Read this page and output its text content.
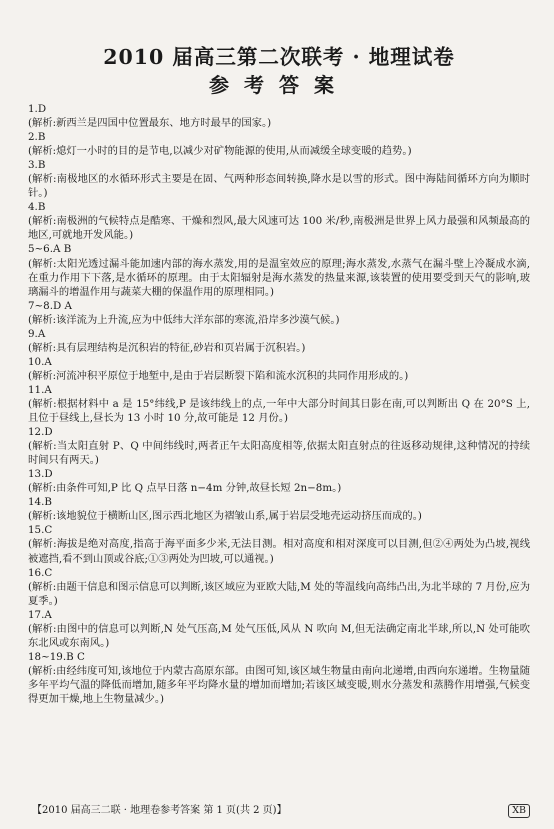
2010 届高三第二次联考 · 地理试卷
参考答案

1.D

(解析:新西兰是四国中位置最东、地方时最早的国家。)

2.B

(解析:熄灯一小时的目的是节电,以减少对矿物能源的使用,从而减缓全球变暖的趋势。)

3.B

(解析:南极地区的水循环形式主要是在固、气两种形态间转换,降水是以雪的形式。图中海陆间循环方向为顺时针。)

4.B

(解析:南极洲的气候特点是酷寒、干燥和烈风,最大风速可达 100 米/秒,南极洲是世界上风力最强和风频最高的地区,可就地开发风能。)

5~6.A B

(解析:太阳光透过漏斗能加速内部的海水蒸发,用的是温室效应的原理;海水蒸发,水蒸气在漏斗壁上冷凝成水滴,在重力作用下下落,是水循环的原理。由于太阳辐射是海水蒸发的热量来源,该装置的使用要受到天气的影响,玻璃漏斗的增温作用与蔬菜大棚的保温作用的原理相同。)

7~8.D A

(解析:该洋流为上升流,应为中低纬大洋东部的寒流,沿岸多沙漠气候。)

9.A

(解析:具有层理结构是沉积岩的特征,砂岩和页岩属于沉积岩。)

10.A

(解析:河流冲积平原位于地堑中,是由于岩层断裂下陷和流水沉积的共同作用形成的。)

11.A

(解析:根据材料中 a 是 15°纬线,P 是该纬线上的点,一年中大部分时间其日影在南,可以判断出 Q 在 20°S 上,且位于昼线上,昼长为 13 小时 10 分,故可能是 12 月份。)

12.D

(解析:当太阳直射 P、Q 中间纬线时,两者正午太阳高度相等,依据太阳直射点的往返移动规律,这种情况的持续时间只有两天。)

13.D

(解析:由条件可知,P 比 Q 点早日落 n−4m 分钟,故昼长短 2n−8m。)

14.B

(解析:该地貌位于横断山区,图示西北地区为褶皱山系,属于岩层受地壳运动挤压而成的。)

15.C

(解析:海拔是绝对高度,指高于海平面多少米,无法目测。相对高度和相对深度可以目测,但②④两处为凸坡,视线被遮挡,看不到山顶或谷底;①③两处为凹坡,可以通视。)

16.C

(解析:由题干信息和图示信息可以判断,该区域应为亚欧大陆,M 处的等温线向高纬凸出,为北半球的 7 月份,应为夏季。)

17.A

(解析:由图中的信息可以判断,N 处气压高,M 处气压低,风从 N 吹向 M,但无法确定南北半球,所以,N 处可能吹东北风或东南风。)

18~19.B C

(解析:由经纬度可知,该地位于内蒙古高原东部。由图可知,该区域生物量由南向北递增,由西向东递增。生物量随多年平均气温的降低而增加,随多年平均降水量的增加而增加;若该区域变暖,则水分蒸发和蒸腾作用增强,气候变得更加干燥,地上生物量减少。)

【2010 届高三二联 · 地理卷参考答案 第 1 页(共 2 页)】	XB
